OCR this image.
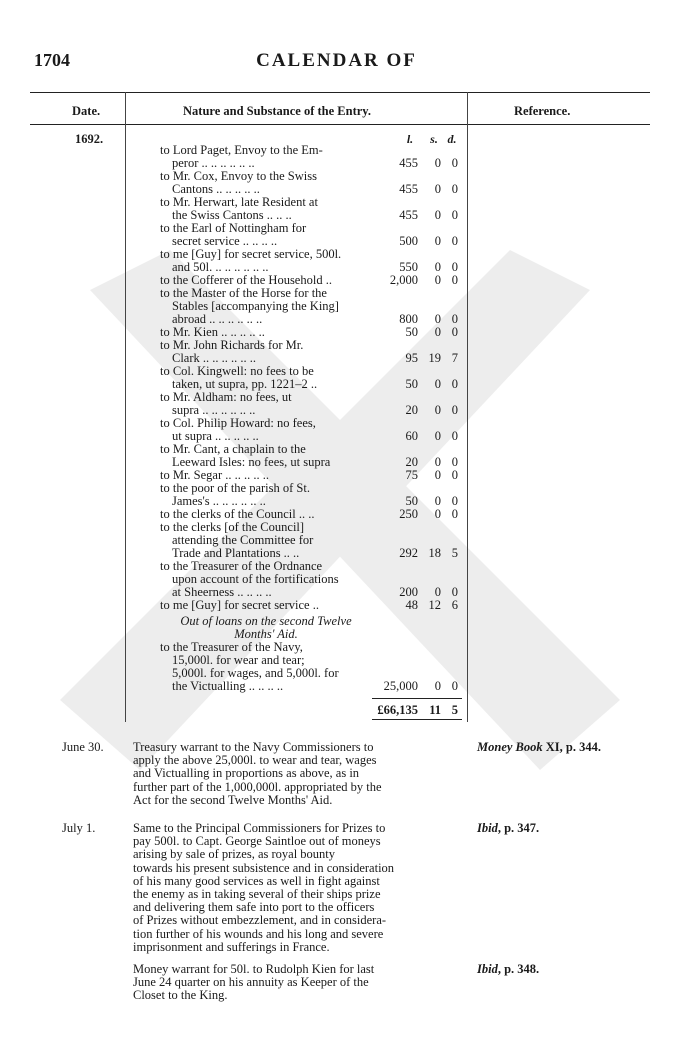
1704	CALENDAR OF
Date.	Nature and Substance of the Entry.	Reference.
1692.	l.	s. d.
to Lord Paget, Envoy to the Em-
peror .. .. .. .. .. ..	455	0 0
to Mr. Cox, Envoy to the Swiss
Cantons .. .. .. .. ..	455	0 0
to Mr. Herwart, late Resident at
the Swiss Cantons .. .. ..	455	0 0
to the Earl of Nottingham for
secret service .. .. .. ..	500	0 0
to me [Guy] for secret service, 500l.
and 50l. .. .. .. .. .. ..	550	0 0
to the Cofferer of the Household ..	2,000	0 0
to the Master of the Horse for the
Stables [accompanying the King]
abroad .. .. .. .. .. ..	800	0 0
to Mr. Kien .. .. .. .. ..	50	0 0
to Mr. John Richards for Mr.
Clark .. .. .. .. .. ..	95 19 7
to Col. Kingwell: no fees to be
taken, ut supra, pp. 1221–2 ..	50	0 0
to Mr. Aldham: no fees, ut
supra .. .. .. .. .. ..	20	0 0
to Col. Philip Howard: no fees,
ut supra .. .. .. .. ..	60	0 0
to Mr. Cant, a chaplain to the
Leeward Isles: no fees, ut supra	20	0 0
to Mr. Segar .. .. .. .. ..	75	0 0
to the poor of the parish of St.
James's .. .. .. .. .. ..	50	0 0
to the clerks of the Council .. ..	250	0 0
to the clerks [of the Council]
attending the Committee for
Trade and Plantations .. ..	292 18 5
to the Treasurer of the Ordnance
upon account of the fortifications
at Sheerness .. .. .. ..	200	0 0
to me [Guy] for secret service ..	48 12 6
Out of loans on the second Twelve
Months' Aid.
to the Treasurer of the Navy,
15,000l. for wear and tear;
5,000l. for wages, and 5,000l. for
the Victualling .. .. .. ..	25,000	0 0
£66,135 11 5
June 30.	Treasury warrant to the Navy Commissioners to
apply the above 25,000l. to wear and tear, wages
and Victualling in proportions as above, as in
further part of the 1,000,000l. appropriated by the
Act for the second Twelve Months' Aid.
Money Book XI, p. 344.
July 1.	Same to the Principal Commissioners for Prizes to
pay 500l. to Capt. George Saintloe out of moneys
arising by sale of prizes, as royal bounty
towards his present subsistence and in consideration
of his many good services as well in fight against
the enemy as in taking several of their ships prize
and delivering them safe into port to the officers
of Prizes without embezzlement, and in considera-
tion further of his wounds and his long and severe
imprisonment and sufferings in France.
Ibid, p. 347.
Money warrant for 50l. to Rudolph Kien for last
June 24 quarter on his annuity as Keeper of the
Closet to the King.
Ibid, p. 348.
